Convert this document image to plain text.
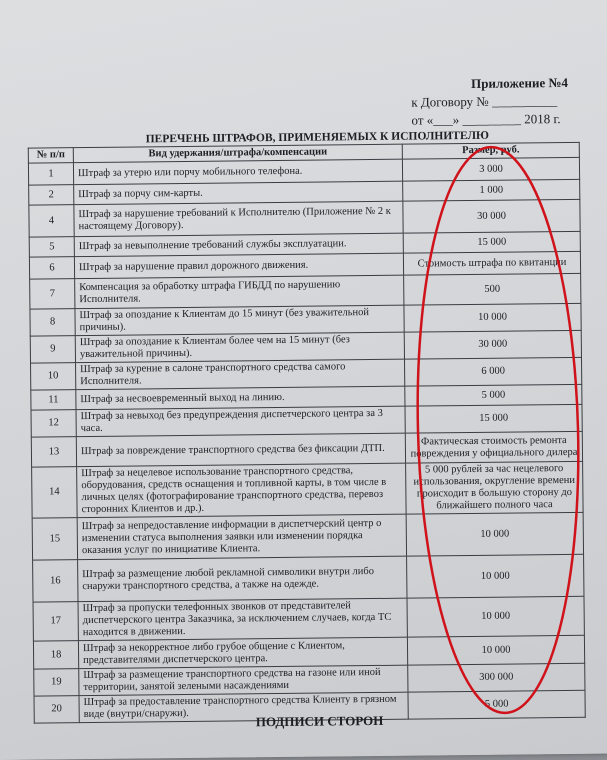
Приложение №4
к Договору № __________
от «___» _________ 2018 г.
ПЕРЕЧЕНЬ ШТРАФОВ, ПРИМЕНЯЕМЫХ К ИСПОЛНИТЕЛЮ
№ п/п	Вид удержания/штрафа/компенсации	Размер, руб.
1	Штраф за утерю или порчу мобильного телефона.	3 000
2	Штраф за порчу сим-карты.	1 000
4	Штраф за нарушение требований к Исполнителю (Приложение № 2 к настоящему Договору).	30 000
5	Штраф за невыполнение требований службы эксплуатации.	15 000
6	Штраф за нарушение правил дорожного движения.	Стоимость штрафа по квитанции
7	Компенсация за обработку штрафа ГИБДД по нарушению Исполнителя.	500
8	Штраф за опоздание к Клиентам до 15 минут (без уважительной причины).	10 000
9	Штраф за опоздание к Клиентам более чем на 15 минут (без уважительной причины).	30 000
10	Штраф за курение в салоне транспортного средства самого Исполнителя.	6 000
11	Штраф за несвоевременный выход на линию.	5 000
12	Штраф за невыход без предупреждения диспетчерского центра за 3 часа.	15 000
13	Штраф за повреждение транспортного средства без фиксации ДТП.	Фактическая стоимость ремонта повреждения у официального дилера
14	Штраф за нецелевое использование транспортного средства, оборудования, средств оснащения и топливной карты, в том числе в личных целях (фотографирование транспортного средства, перевоз сторонних Клиентов и др.).	5 000 рублей за час нецелевого использования, округление времени происходит в большую сторону до ближайшего полного часа
15	Штраф за непредоставление информации в диспетчерский центр о изменении статуса выполнения заявки или изменении порядка оказания услуг по инициативе Клиента.	10 000
16	Штраф за размещение любой рекламной символики внутри либо снаружи транспортного средства, а также на одежде.	10 000
17	Штраф за пропуски телефонных звонков от представителей диспетчерского центра Заказчика, за исключением случаев, когда ТС находится в движении.	10 000
18	Штраф за некорректное либо грубое общение с Клиентом, представителями диспетчерского центра.	10 000
19	Штраф за размещение транспортного средства на газоне или иной территории, занятой зелеными насаждениями	300 000
20	Штраф за предоставление транспортного средства Клиенту в грязном виде (внутри/снаружи).	5 000
ПОДПИСИ СТОРОН
